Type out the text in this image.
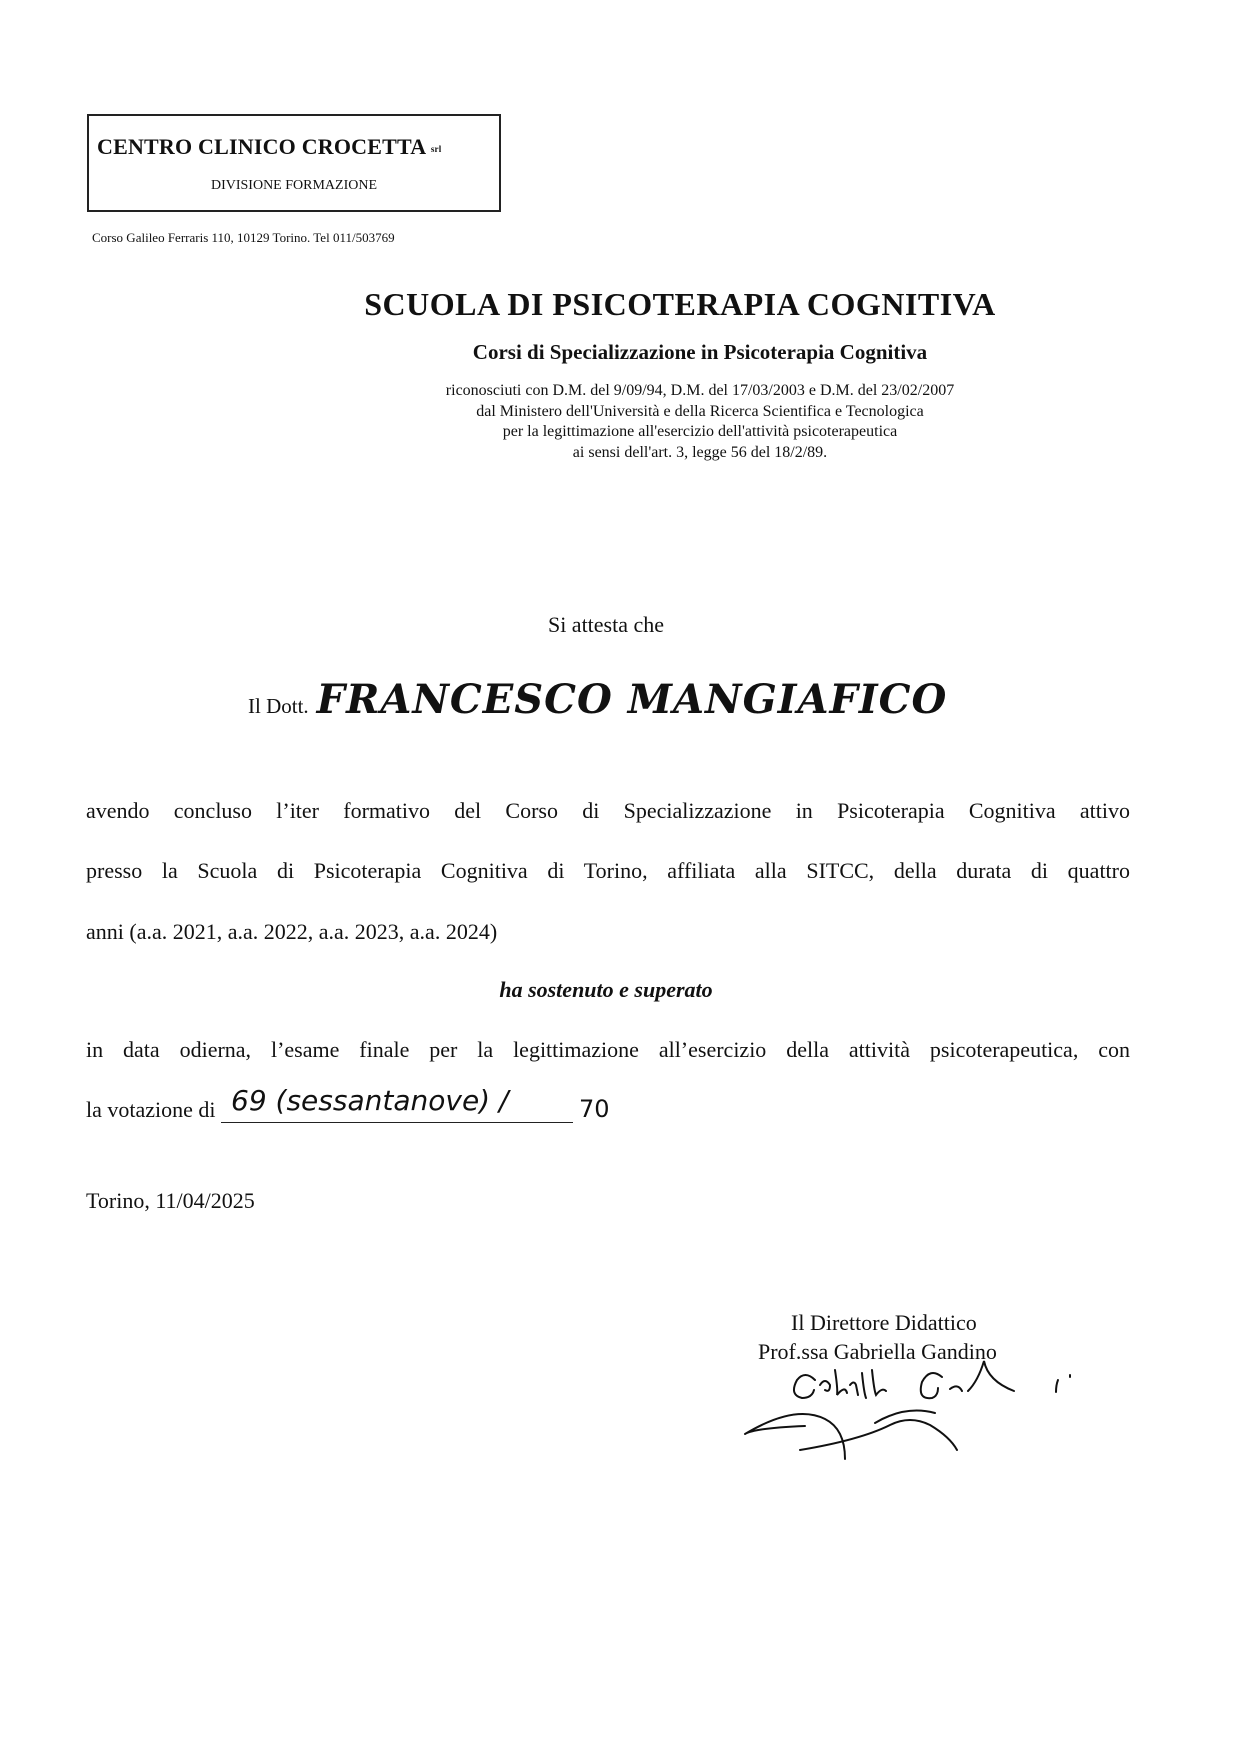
CENTRO CLINICO CROCETTA srl
DIVISIONE FORMAZIONE
Corso Galileo Ferraris 110, 10129 Torino. Tel 011/503769
SCUOLA DI PSICOTERAPIA COGNITIVA
Corsi di Specializzazione in Psicoterapia Cognitiva
riconosciuti con D.M. del 9/09/94, D.M. del 17/03/2003 e D.M. del 23/02/2007
dal Ministero dell'Università e della Ricerca Scientifica e Tecnologica
per la legittimazione all'esercizio dell'attività psicoterapeutica
ai sensi dell'art. 3, legge 56 del 18/2/89.
Si attesta che
Il Dott. FRANCESCO MANGIAFICO
avendo concluso l’iter formativo del Corso di Specializzazione in Psicoterapia Cognitiva attivo
presso la Scuola di Psicoterapia Cognitiva di Torino, affiliata alla SITCC, della durata di quattro
anni (a.a. 2021, a.a. 2022, a.a. 2023, a.a. 2024)
ha sostenuto e superato
in data odierna, l’esame finale per la legittimazione all’esercizio della attività psicoterapeutica, con
la votazione di 69 (sessantanove) /	70
Torino, 11/04/2025
Il Direttore Didattico
Prof.ssa Gabriella Gandino
